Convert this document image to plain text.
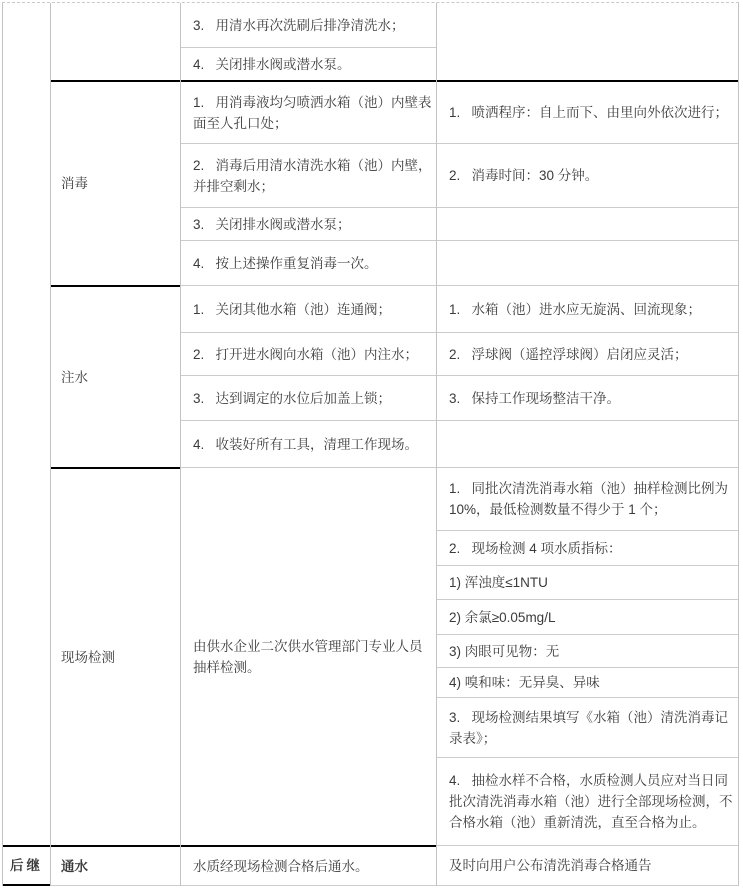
后继
消毒
注水
现场检测
通水
3.   用清水再次洗刷后排净清洗水；
4.   关闭排水阀或潜水泵。
1.   用消毒液均匀喷洒水箱（池）内壁表面至人孔口处；
2.   消毒后用清水清洗水箱（池）内壁，并排空剩水；
3.   关闭排水阀或潜水泵；
4.   按上述操作重复消毒一次。
1.   关闭其他水箱（池）连通阀；
2.   打开进水阀向水箱（池）内注水；
3.   达到调定的水位后加盖上锁；
4.   收装好所有工具，清理工作现场。
由供水企业二次供水管理部门专业人员抽样检测。
水质经现场检测合格后通水。
1.   喷洒程序：自上而下、由里向外依次进行；
2.   消毒时间：30 分钟。
1.   水箱（池）进水应无旋涡、回流现象；
2.   浮球阀（遥控浮球阀）启闭应灵活；
3.   保持工作现场整洁干净。
1.   同批次清洗消毒水箱（池）抽样检测比例为 10%，最低检测数量不得少于 1 个；
2.   现场检测 4 项水质指标：
1) 浑浊度≤1NTU
2) 余氯≥0.05mg/L
3) 肉眼可见物：无
4) 嗅和味：无异臭、异味
3.   现场检测结果填写《水箱（池）清洗消毒记录表》；
4.   抽检水样不合格，水质检测人员应对当日同批次清洗消毒水箱（池）进行全部现场检测，不合格水箱（池）重新清洗，直至合格为止。
及时向用户公布清洗消毒合格通告
